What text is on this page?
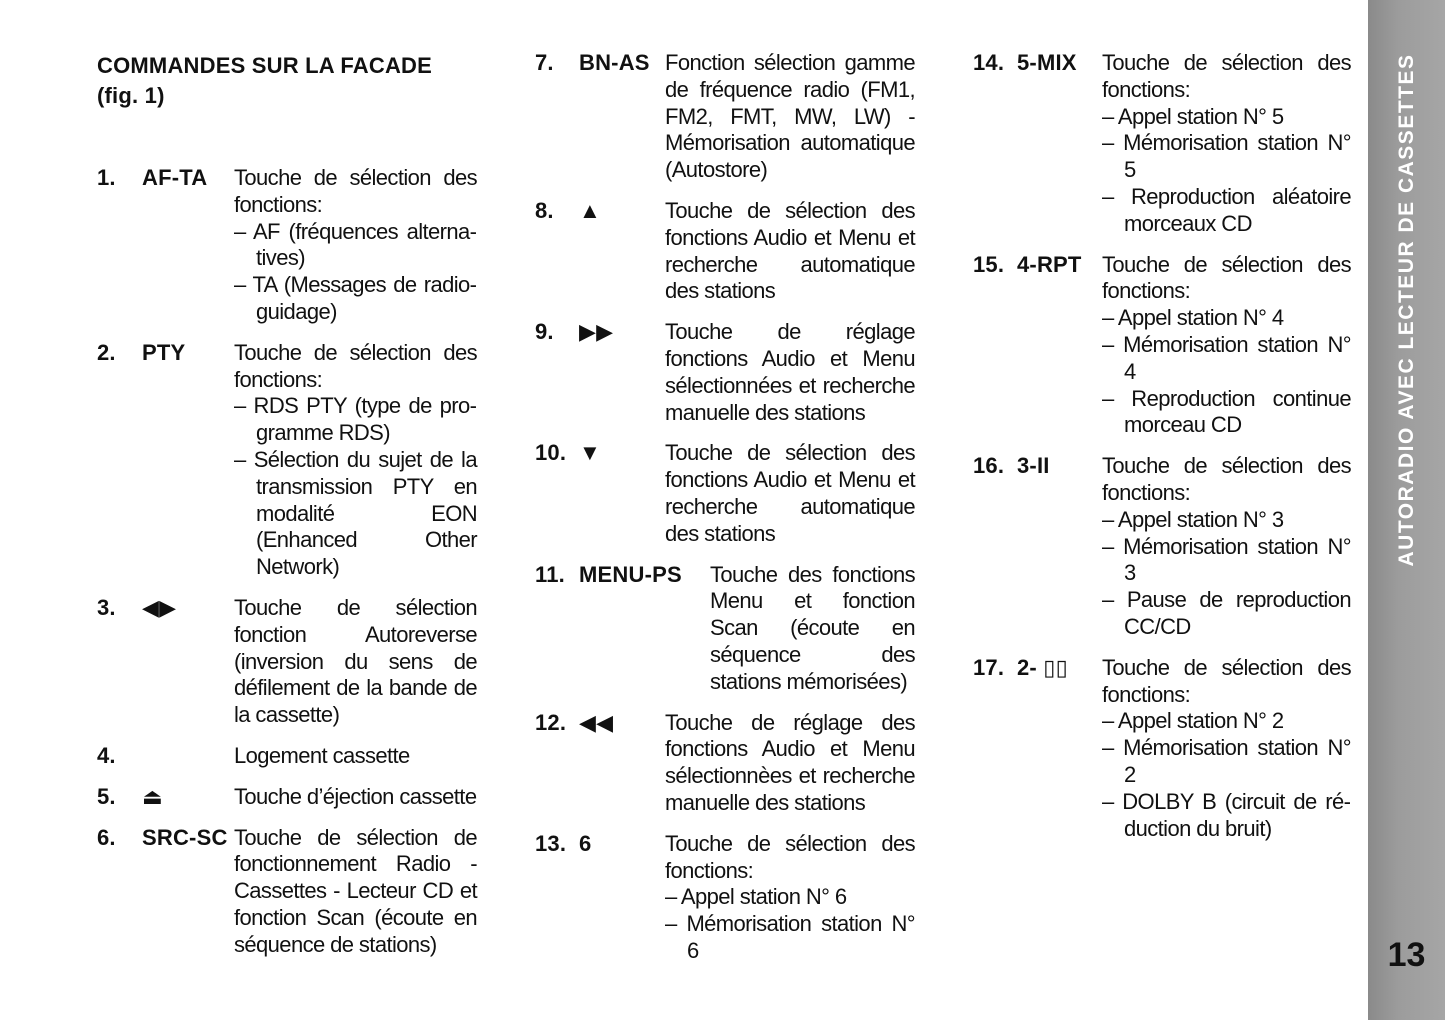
COMMANDES SUR LA FACADE
(fig. 1)
1. AF-TA Touche de sélection des fonctions:
– AF (fréquences alternatives)
– TA (Messages de radioguidage)
2. PTY Touche de sélection des fonctions:
– RDS PTY (type de programme RDS)
– Sélection du sujet de la transmission PTY en modalité EON (Enhanced Other Network)
3. ◀▶	Touche de sélection fonction Autoreverse (inversion du sens de défilement de la bande de la cassette)
4.	Logement cassette
5. ⏏	Touche d’éjection cassette
6. SRC-SC Touche de sélection de fonctionnement Radio - Cassettes - Lecteur CD et fonction Scan (écoute en séquence de stations)
7. BN-AS Fonction sélection gamme de fréquence radio (FM1, FM2, FMT, MW, LW) - Mémorisation automatique (Autostore)
8. ▲	Touche de sélection des fonctions Audio et Menu et recherche automatique des stations
9. ▶▶ Touche de réglage fonctions Audio et Menu sélectionnées et recherche manuelle des stations
10. ▼	Touche de sélection des fonctions Audio et Menu et recherche automatique des stations
11. MENU-PS Touche des fonctions Menu et fonction Scan (écoute en séquence des stations mémorisées)
12. ◀◀ Touche de réglage des fonctions Audio et Menu sélectionnèes et recherche manuelle des stations
13. 6	Touche de sélection des fonctions:
– Appel station N° 6
– Mémorisation station N° 6
14. 5-MIX Touche de sélection des fonctions:
– Appel station N° 5
– Mémorisation station N° 5
– Reproduction aléatoire morceaux CD
15. 4-RPT Touche de sélection des fonctions:
– Appel station N° 4
– Mémorisation station N° 4
– Reproduction continue morceau CD
16. 3-II Touche de sélection des fonctions:
– Appel station N° 3
– Mémorisation station N° 3
– Pause de reproduction CC/CD
17. 2- ▯▯ Touche de sélection des fonctions:
– Appel station N° 2
– Mémorisation station N° 2
– DOLBY B (circuit de réduction du bruit)
AUTORADIO AVEC LECTEUR DE CASSETTES
13
